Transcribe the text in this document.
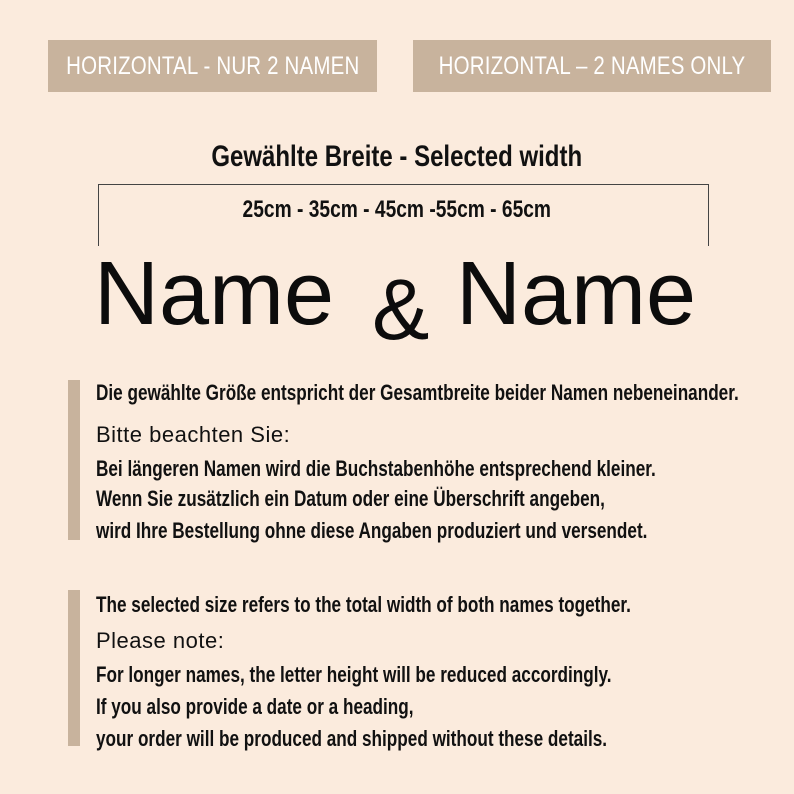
HORIZONTAL - NUR 2 NAMEN	HORIZONTAL – 2 NAMES ONLY
Gewählte Breite - Selected width
25cm - 35cm - 45cm -55cm - 65cm
Name & Name
Die gewählte Größe entspricht der Gesamtbreite beider Namen nebeneinander.
Bitte beachten Sie:
Bei längeren Namen wird die Buchstabenhöhe entsprechend kleiner.
Wenn Sie zusätzlich ein Datum oder eine Überschrift angeben,
wird Ihre Bestellung ohne diese Angaben produziert und versendet.
The selected size refers to the total width of both names together.
Please note:
For longer names, the letter height will be reduced accordingly.
If you also provide a date or a heading,
your order will be produced and shipped without these details.
